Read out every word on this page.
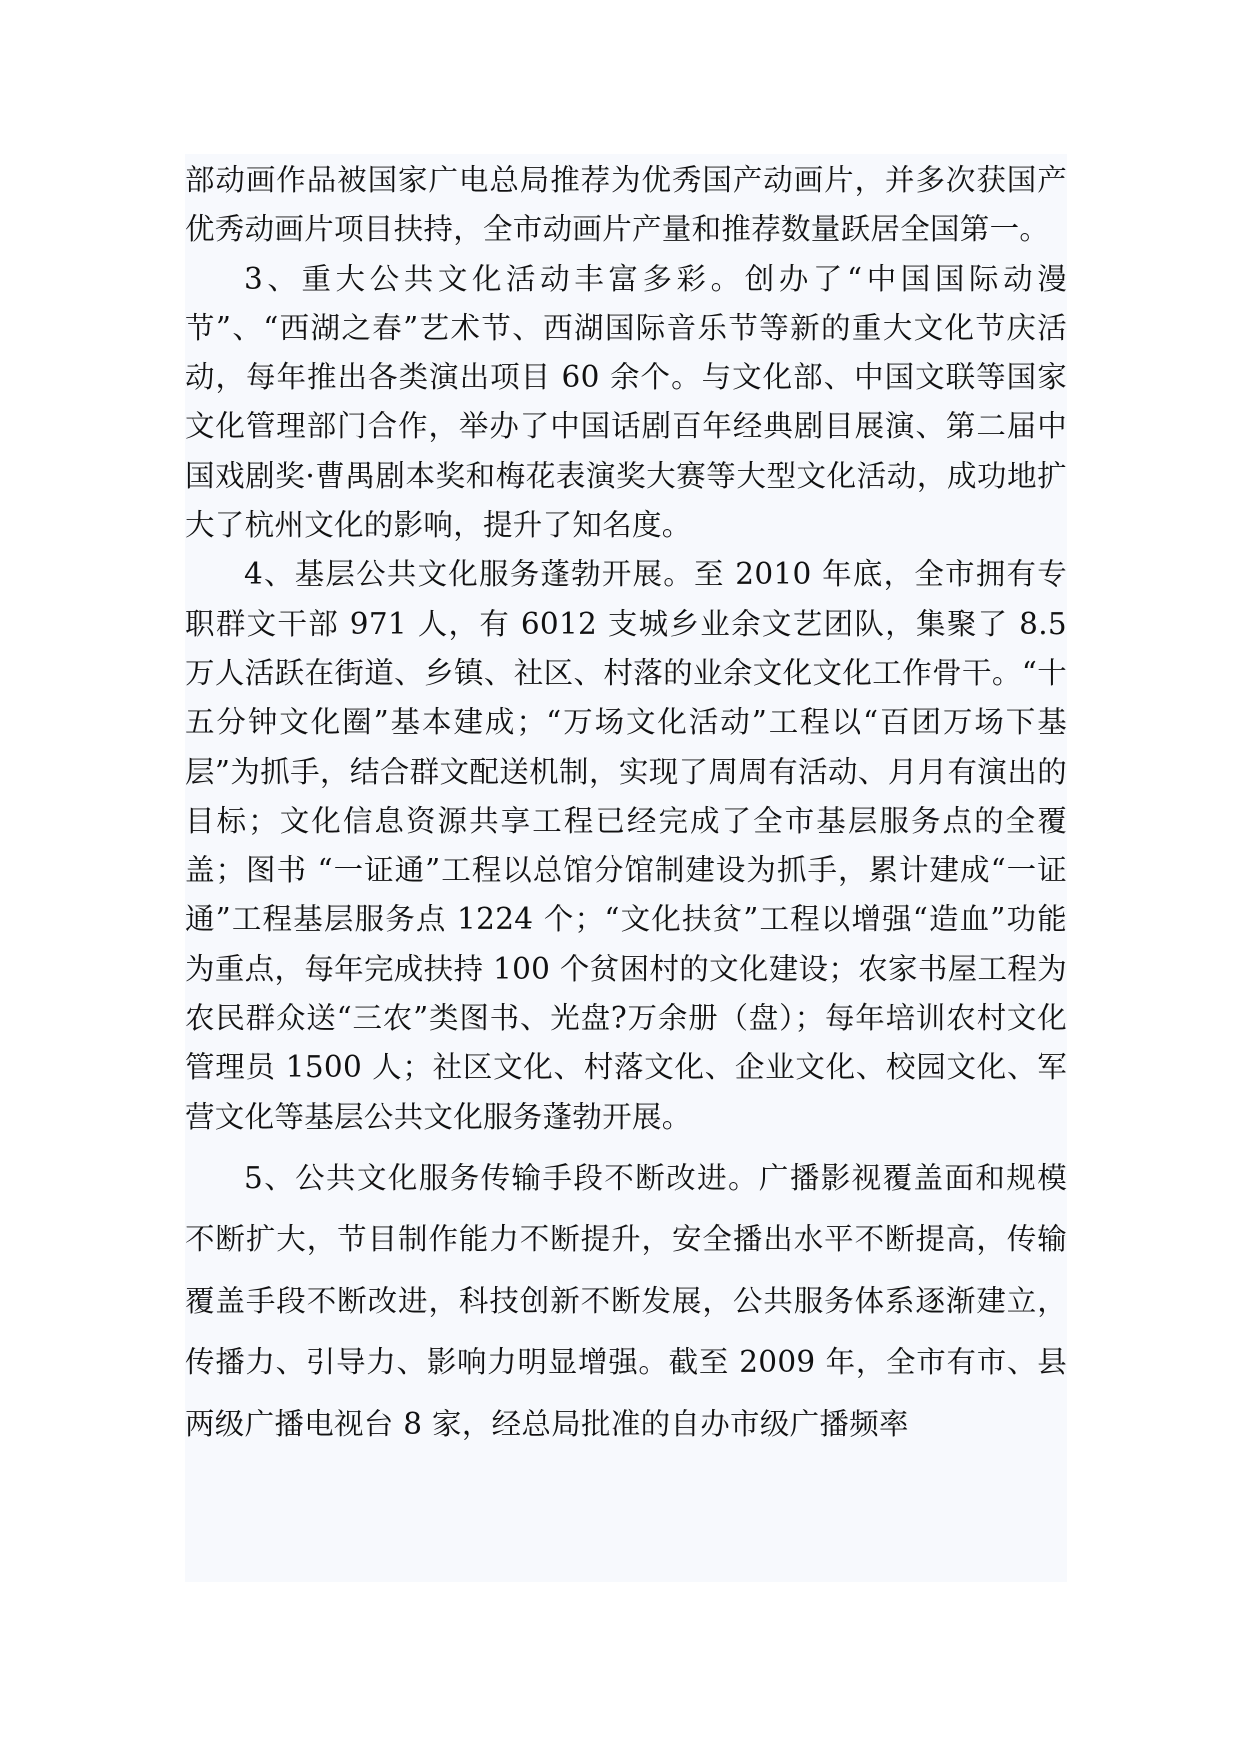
部动画作品被国家广电总局推荐为优秀国产动画片，并多次获国产优秀动画片项目扶持，全市动画片产量和推荐数量跃居全国第一。

3、重大公共文化活动丰富多彩。创办了“中国国际动漫节”、“西湖之春”艺术节、西湖国际音乐节等新的重大文化节庆活动，每年推出各类演出项目 60 余个。与文化部、中国文联等国家文化管理部门合作，举办了中国话剧百年经典剧目展演、第二届中国戏剧奖·曹禺剧本奖和梅花表演奖大赛等大型文化活动，成功地扩大了杭州文化的影响，提升了知名度。

4、基层公共文化服务蓬勃开展。至 2010 年底，全市拥有专职群文干部 971 人，有 6012 支城乡业余文艺团队，集聚了 8.5 万人活跃在街道、乡镇、社区、村落的业余文化文化工作骨干。“十五分钟文化圈”基本建成；“万场文化活动”工程以“百团万场下基层”为抓手，结合群文配送机制，实现了周周有活动、月月有演出的目标；文化信息资源共享工程已经完成了全市基层服务点的全覆盖；图书 “一证通”工程以总馆分馆制建设为抓手，累计建成“一证通”工程基层服务点 1224 个；“文化扶贫”工程以增强“造血”功能为重点，每年完成扶持 100 个贫困村的文化建设；农家书屋工程为农民群众送“三农”类图书、光盘?万余册（盘）；每年培训农村文化管理员 1500 人；社区文化、村落文化、企业文化、校园文化、军营文化等基层公共文化服务蓬勃开展。

5、公共文化服务传输手段不断改进。广播影视覆盖面和规模不断扩大，节目制作能力不断提升，安全播出水平不断提高，传输覆盖手段不断改进，科技创新不断发展，公共服务体系逐渐建立，传播力、引导力、影响力明显增强。截至 2009 年，全市有市、县两级广播电视台 8 家，经总局批准的自办市级广播频率
